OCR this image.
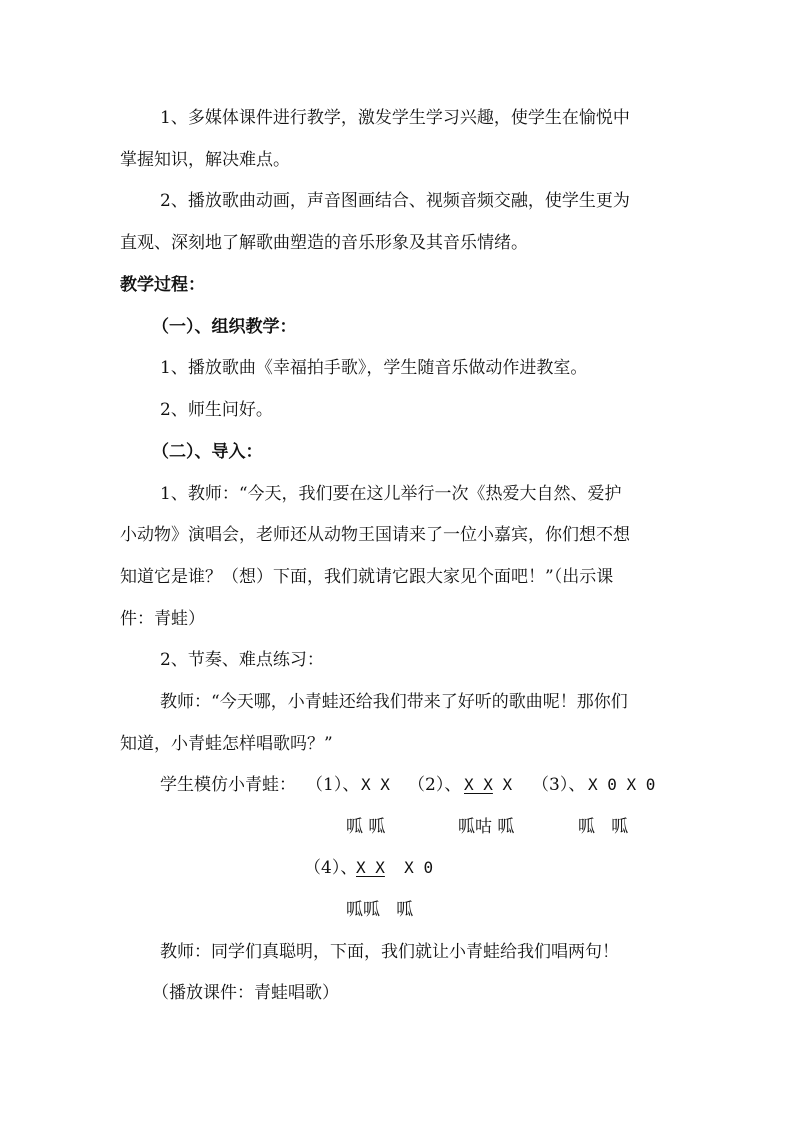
1、多媒体课件进行教学，激发学生学习兴趣，使学生在愉悦中
掌握知识，解决难点。
2、播放歌曲动画，声音图画结合、视频音频交融，使学生更为
直观、深刻地了解歌曲塑造的音乐形象及其音乐情绪。
教学过程：
（一）、组织教学：
1、播放歌曲《幸福拍手歌》，学生随音乐做动作进教室。
2、师生问好。
（二）、导入：
1、教师：“今天，我们要在这儿举行一次《热爱大自然、爱护
小动物》演唱会，老师还从动物王国请来了一位小嘉宾，你们想不想
知道它是谁？（想）下面，我们就请它跟大家见个面吧！”（出示课
件：青蛙）
2、节奏、难点练习：
教师：“今天哪，小青蛙还给我们带来了好听的歌曲呢！那你们
知道，小青蛙怎样唱歌吗？”
学生模仿小青蛙： （1）、 X X （2）、 X X X （3）、 X 0 X 0
呱 呱	呱咕 呱	呱   呱
（4）、
X X  X 0
呱呱   呱
教师：同学们真聪明，下面，我们就让小青蛙给我们唱两句！
（播放课件：青蛙唱歌）
